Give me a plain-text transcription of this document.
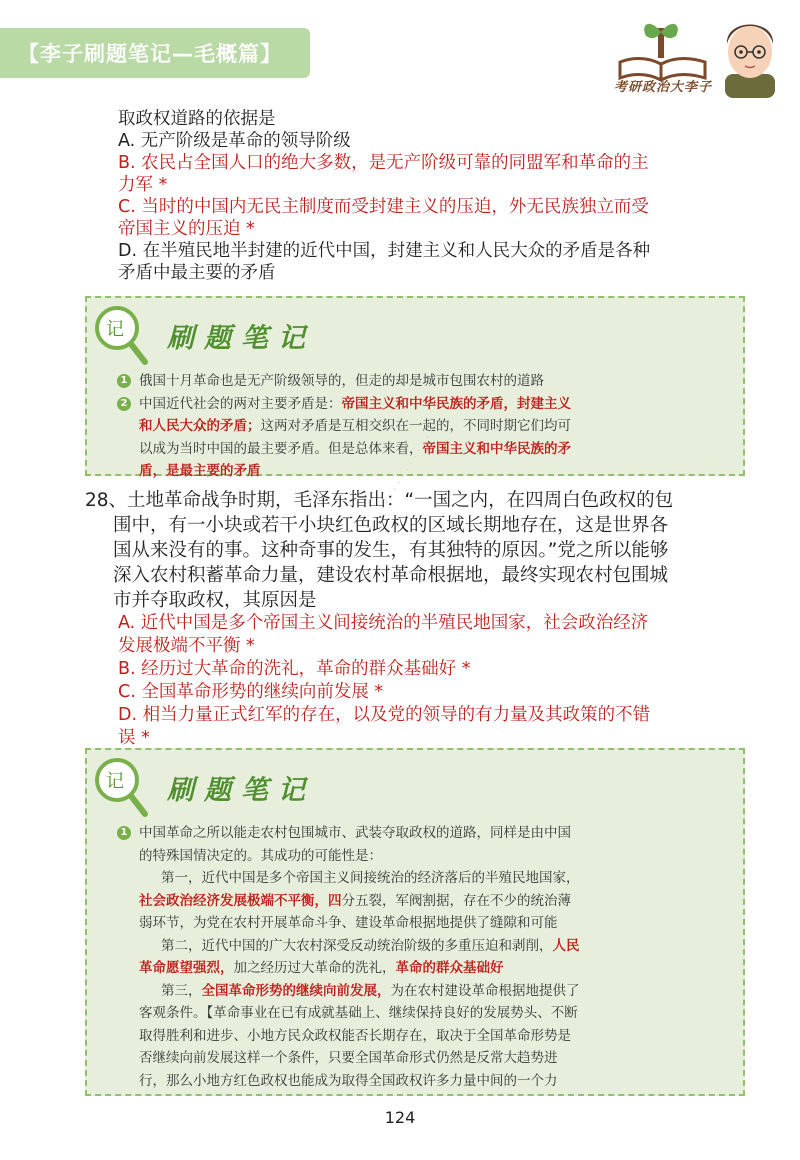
【李子刷题笔记—毛概篇】
考研政治大李子
取政权道路的依据是
A. 无产阶级是革命的领导阶级
B. 农民占全国人口的绝大多数，是无产阶级可靠的同盟军和革命的主
力军 *
C. 当时的中国内无民主制度而受封建主义的压迫，外无民族独立而受
帝国主义的压迫 *
D. 在半殖民地半封建的近代中国，封建主义和人民大众的矛盾是各种
矛盾中最主要的矛盾
记 刷题笔记
1 俄国十月革命也是无产阶级领导的，但走的却是城市包围农村的道路
2 中国近代社会的两对主要矛盾是：帝国主义和中华民族的矛盾，封建主义
和人民大众的矛盾；这两对矛盾是互相交织在一起的，不同时期它们均可
以成为当时中国的最主要矛盾。但是总体来看，帝国主义和中华民族的矛
盾，是最主要的矛盾
28、土地革命战争时期，毛泽东指出：“一国之内，在四周白色政权的包
围中，有一小块或若干小块红色政权的区域长期地存在，这是世界各
国从来没有的事。这种奇事的发生，有其独特的原因。”党之所以能够
深入农村积蓄革命力量，建设农村革命根据地，最终实现农村包围城
市并夺取政权，其原因是
A. 近代中国是多个帝国主义间接统治的半殖民地国家，社会政治经济
发展极端不平衡 *
B. 经历过大革命的洗礼，革命的群众基础好 *
C. 全国革命形势的继续向前发展 *
D. 相当力量正式红军的存在，以及党的领导的有力量及其政策的不错
误 *
· · · · · · · · · · · ·
记 刷题笔记
1 中国革命之所以能走农村包围城市、武装夺取政权的道路，同样是由中国
的特殊国情决定的。其成功的可能性是：
第一，近代中国是多个帝国主义间接统治的经济落后的半殖民地国家，
社会政治经济发展极端不平衡，四分五裂，军阀割据，存在不少的统治薄
弱环节，为党在农村开展革命斗争、建设革命根据地提供了缝隙和可能
第二，近代中国的广大农村深受反动统治阶级的多重压迫和剥削，人民
革命愿望强烈，加之经历过大革命的洗礼，革命的群众基础好
第三，全国革命形势的继续向前发展，为在农村建设革命根据地提供了
客观条件。【革命事业在已有成就基础上、继续保持良好的发展势头、不断
取得胜利和进步、小地方民众政权能否长期存在，取决于全国革命形势是
否继续向前发展这样一个条件，只要全国革命形式仍然是反常大趋势进
行，那么小地方红色政权也能成为取得全国政权许多力量中间的一个力
124
